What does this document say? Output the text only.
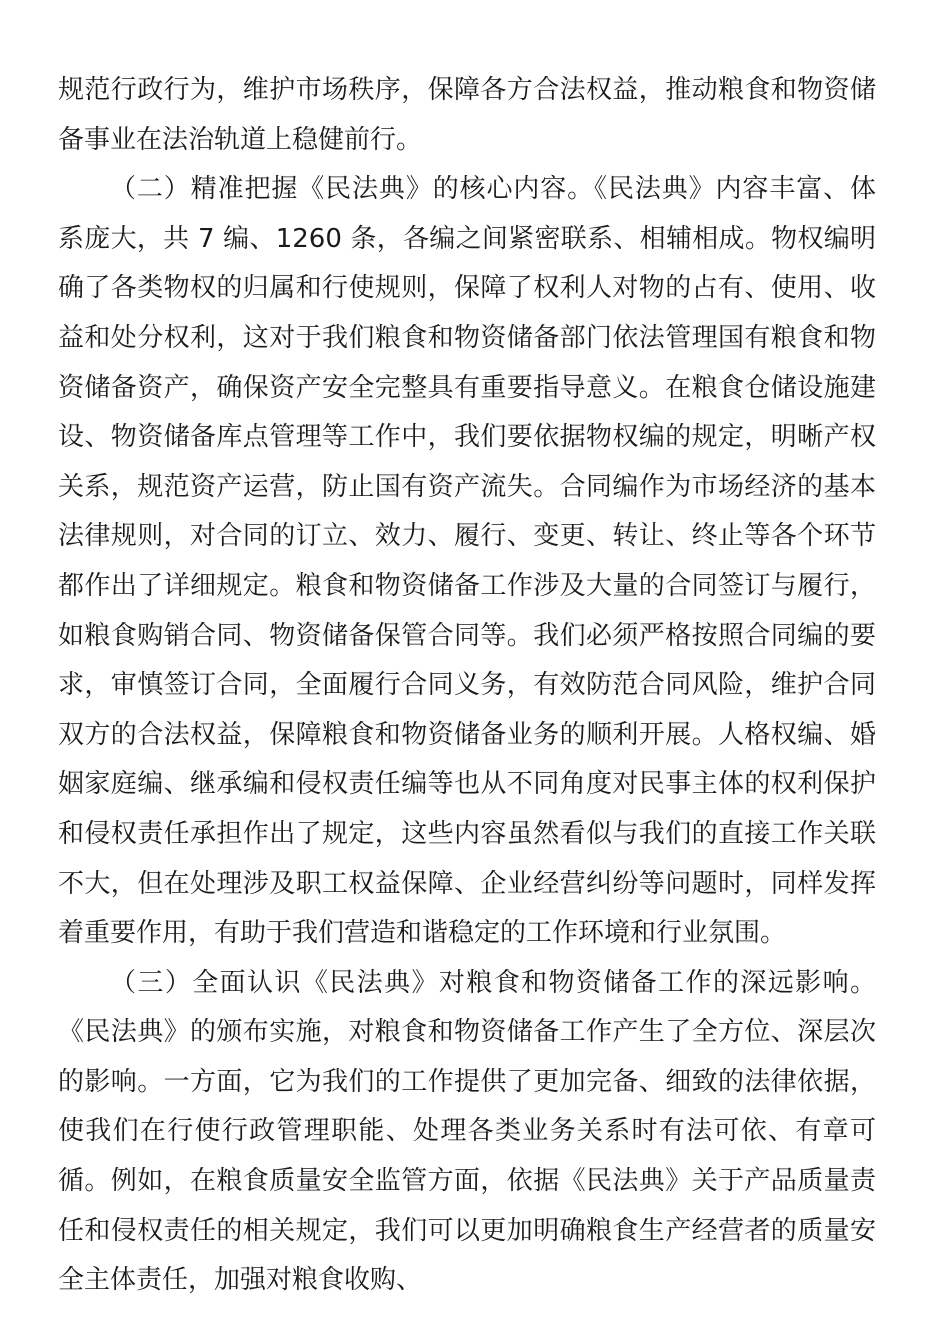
规范行政行为，维护市场秩序，保障各方合法权益，推动粮食和物资储备事业在法治轨道上稳健前行。

（二）精准把握《民法典》的核心内容。《民法典》内容丰富、体系庞大，共 7 编、1260 条，各编之间紧密联系、相辅相成。物权编明确了各类物权的归属和行使规则，保障了权利人对物的占有、使用、收益和处分权利，这对于我们粮食和物资储备部门依法管理国有粮食和物资储备资产，确保资产安全完整具有重要指导意义。在粮食仓储设施建设、物资储备库点管理等工作中，我们要依据物权编的规定，明晰产权关系，规范资产运营，防止国有资产流失。合同编作为市场经济的基本法律规则，对合同的订立、效力、履行、变更、转让、终止等各个环节都作出了详细规定。粮食和物资储备工作涉及大量的合同签订与履行，如粮食购销合同、物资储备保管合同等。我们必须严格按照合同编的要求，审慎签订合同，全面履行合同义务，有效防范合同风险，维护合同双方的合法权益，保障粮食和物资储备业务的顺利开展。人格权编、婚姻家庭编、继承编和侵权责任编等也从不同角度对民事主体的权利保护和侵权责任承担作出了规定，这些内容虽然看似与我们的直接工作关联不大，但在处理涉及职工权益保障、企业经营纠纷等问题时，同样发挥着重要作用，有助于我们营造和谐稳定的工作环境和行业氛围。

（三）全面认识《民法典》对粮食和物资储备工作的深远影响。《民法典》的颁布实施，对粮食和物资储备工作产生了全方位、深层次的影响。一方面，它为我们的工作提供了更加完备、细致的法律依据，使我们在行使行政管理职能、处理各类业务关系时有法可依、有章可循。例如，在粮食质量安全监管方面，依据《民法典》关于产品质量责任和侵权责任的相关规定，我们可以更加明确粮食生产经营者的质量安全主体责任，加强对粮食收购、
